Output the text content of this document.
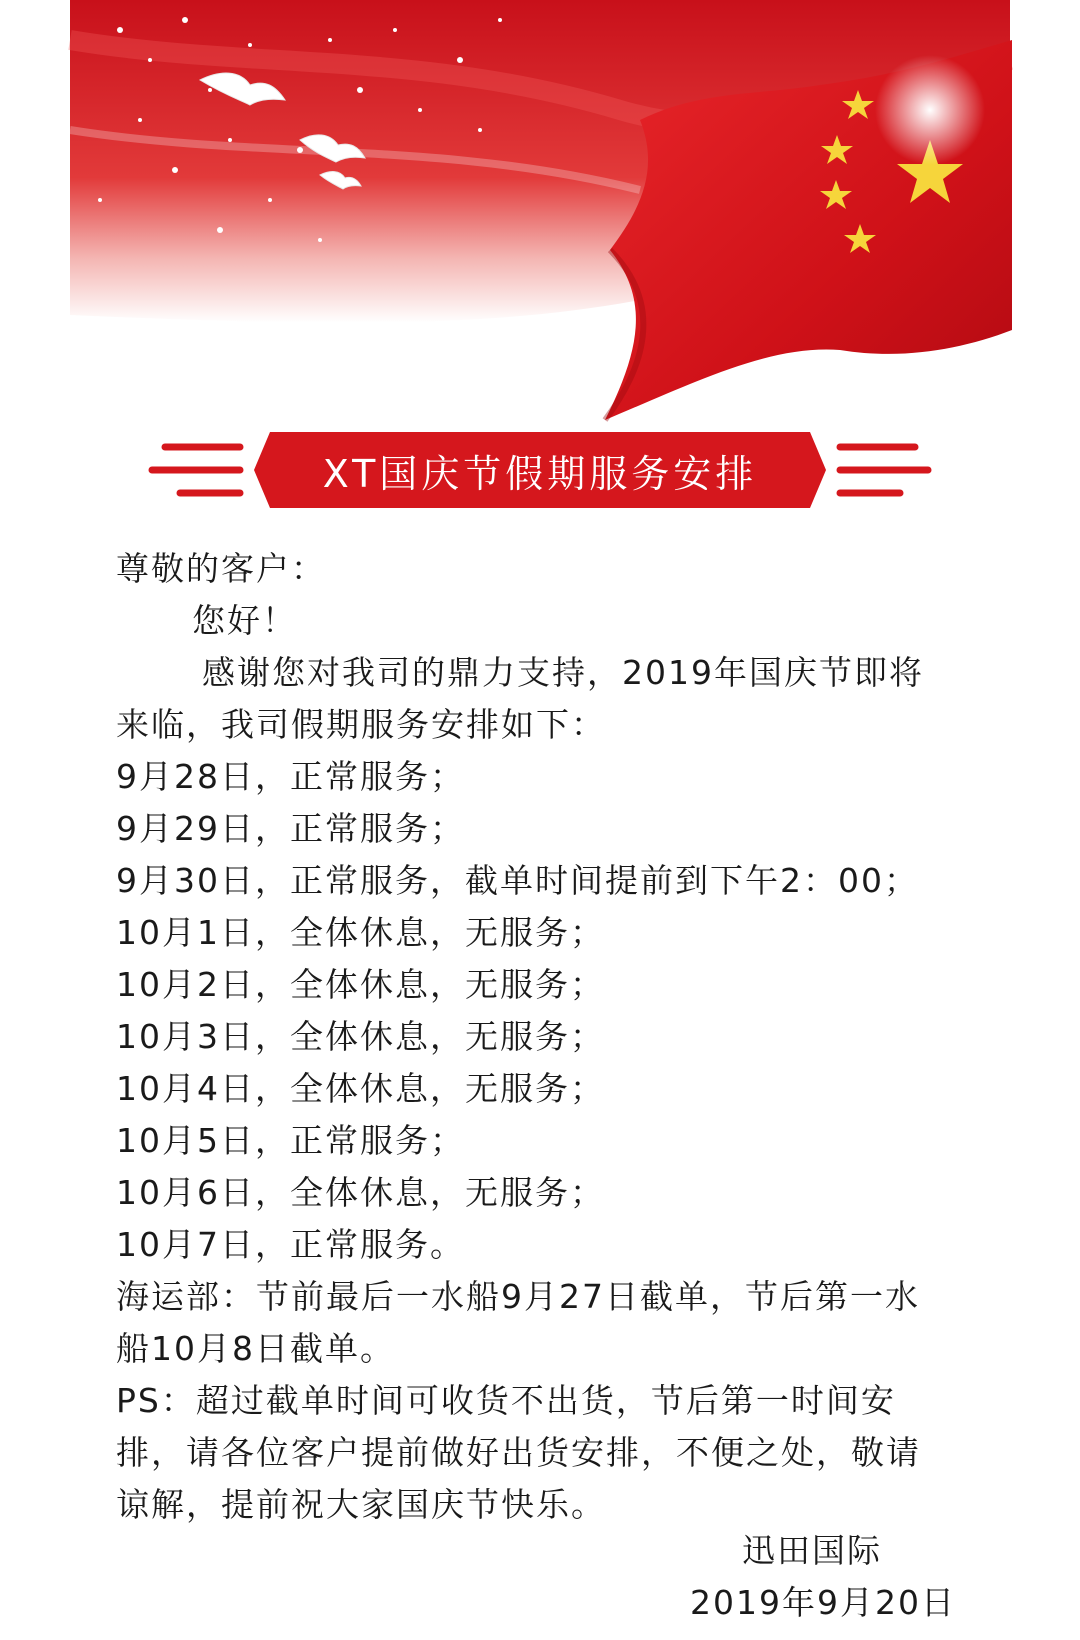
XT国庆节假期服务安排
尊敬的客户：
您好！
感谢您对我司的鼎力支持，2019年国庆节即将
来临，我司假期服务安排如下：
9月28日，正常服务；
9月29日，正常服务；
9月30日，正常服务，截单时间提前到下午2：00；
10月1日，全体休息，无服务；
10月2日，全体休息，无服务；
10月3日，全体休息，无服务；
10月4日，全体休息，无服务；
10月5日，正常服务；
10月6日，全体休息，无服务；
10月7日，正常服务。
海运部：节前最后一水船9月27日截单，节后第一水
船10月8日截单。
PS：超过截单时间可收货不出货，节后第一时间安
排，请各位客户提前做好出货安排，不便之处，敬请
谅解，提前祝大家国庆节快乐。
迅田国际
2019年9月20日
